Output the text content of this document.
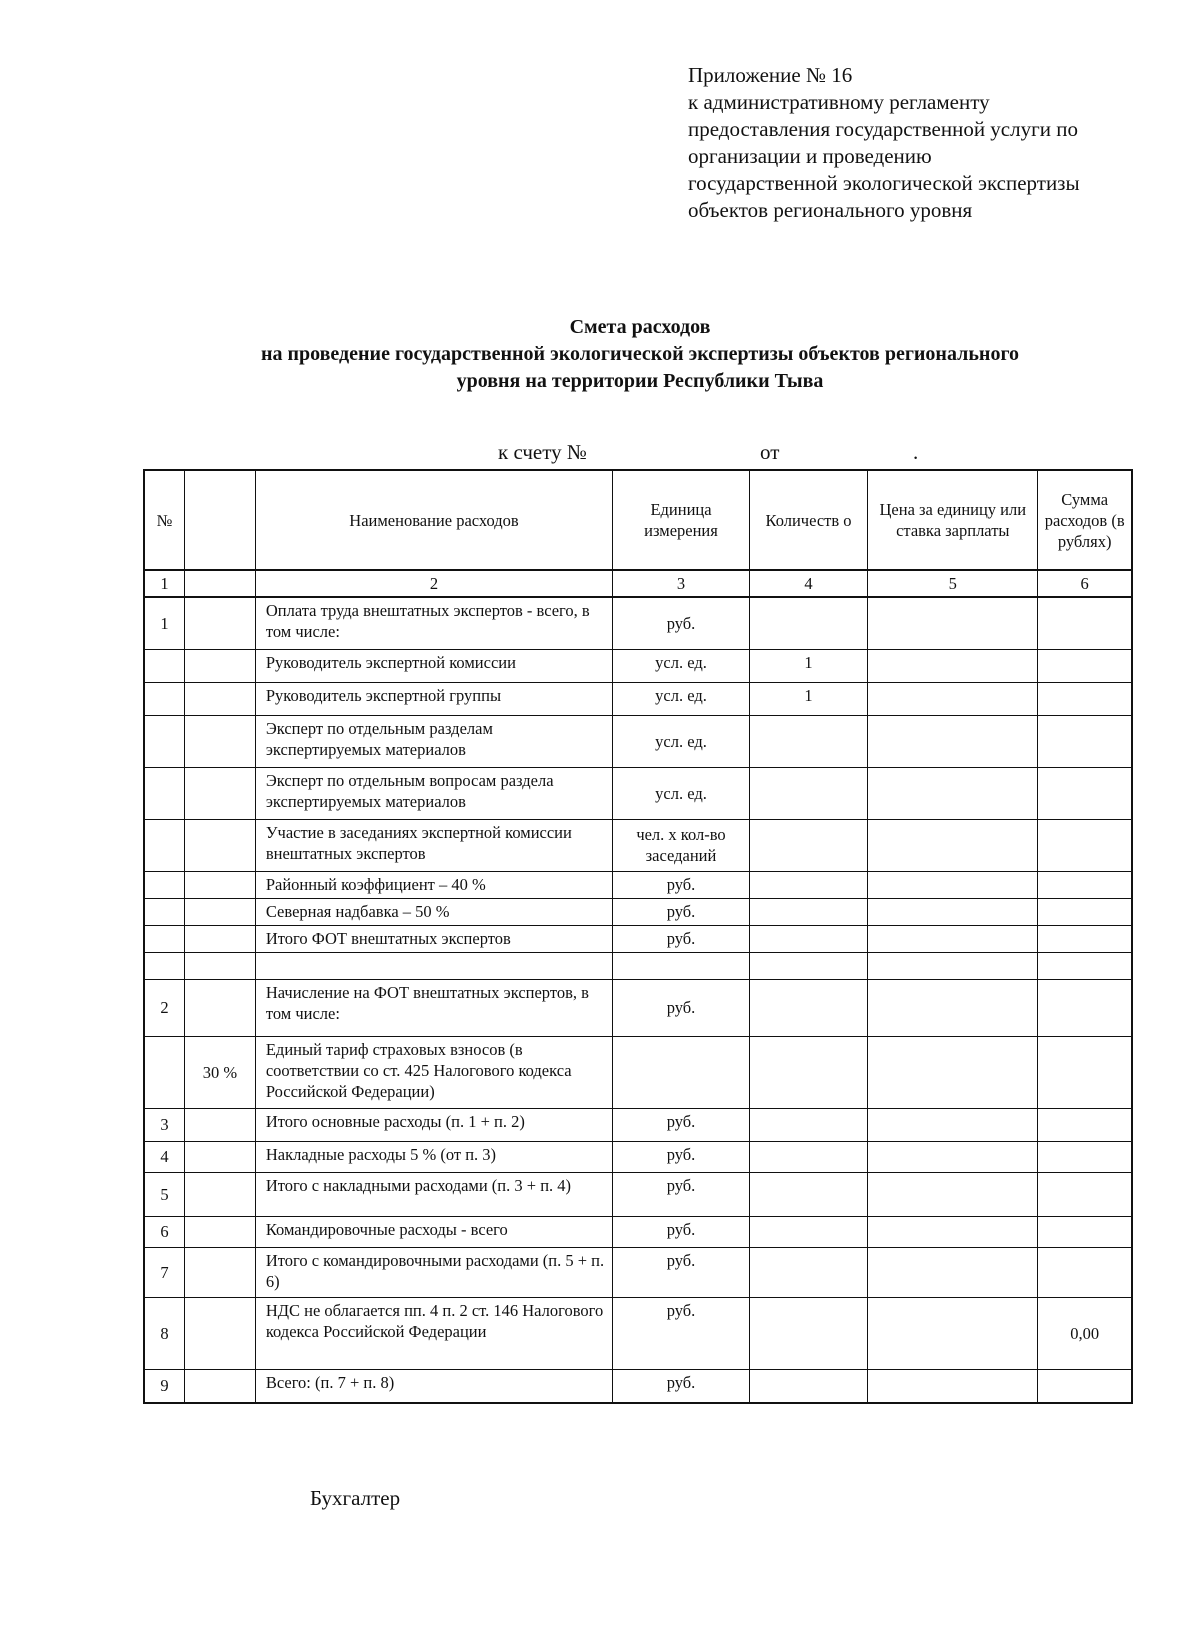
Приложение № 16
к административному регламенту
предоставления государственной услуги по
организации и проведению
государственной экологической экспертизы
объектов регионального уровня
Смета расходов
на проведение государственной экологической экспертизы объектов регионального
уровня на территории Республики Тыва
к счету №	от	.
№		Наименование расходов	Единица измерения	Количеств о	Цена за единицу или ставка зарплаты	Сумма расходов (в рублях)
1		2	3	4	5	6
1		Оплата труда внештатных экспертов - всего, в том числе:	руб.			
		Руководитель экспертной комиссии	усл. ед.	1		
		Руководитель экспертной группы	усл. ед.	1		
		Эксперт по отдельным разделам экспертируемых материалов	усл. ед.			
		Эксперт по отдельным вопросам раздела экспертируемых материалов	усл. ед.			
		Участие в заседаниях экспертной комиссии внештатных экспертов	чел. х кол-во заседаний			
		Районный коэффициент – 40 %	руб.			
		Северная надбавка – 50 %	руб.			
		Итого ФОТ внештатных экспертов	руб.			

2		Начисление на ФОТ внештатных экспертов, в том числе:	руб.			
	30 %	Единый тариф страховых взносов (в соответствии со ст. 425 Налогового кодекса Российской Федерации)				
3		Итого основные расходы (п. 1 + п. 2)	руб.			
4		Накладные расходы 5 % (от п. 3)	руб.			
5		Итого с накладными расходами (п. 3 + п. 4)	руб.			
6		Командировочные расходы - всего	руб.			
7		Итого с командировочными расходами (п. 5 + п. 6)	руб.			
8		НДС не облагается пп. 4 п. 2 ст. 146 Налогового кодекса Российской Федерации	руб.			0,00
9		Всего: (п. 7 + п. 8)	руб.			
Бухгалтер
